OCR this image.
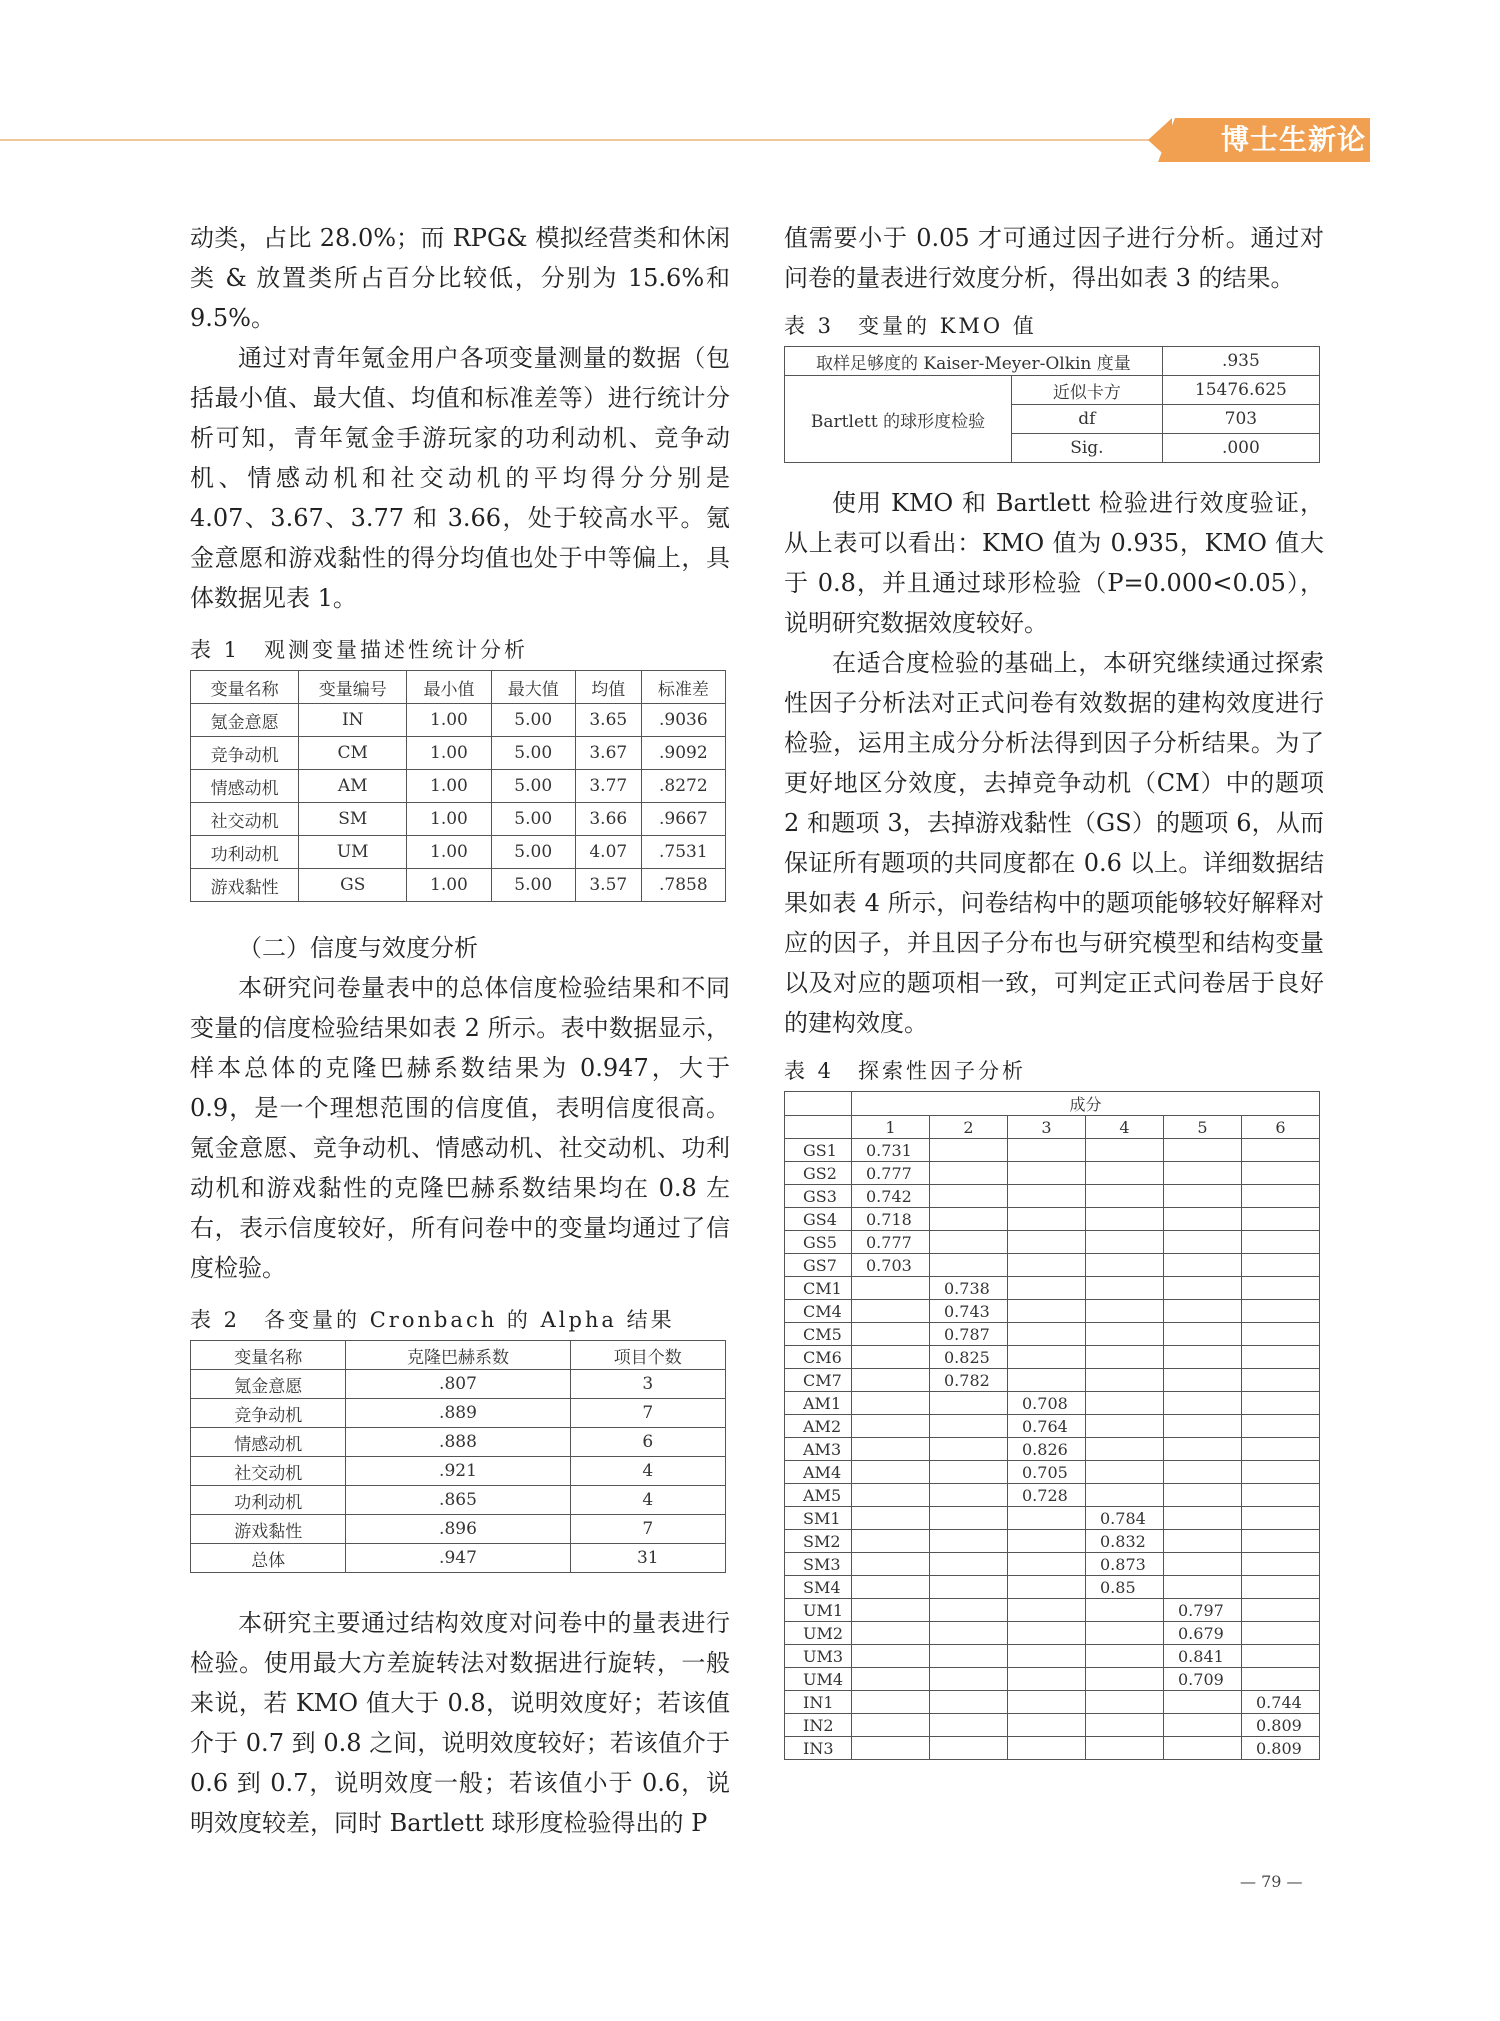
博士生新论

动类，占比 28.0%；而 RPG& 模拟经营类和休闲类 & 放置类所占百分比较低，分别为 15.6%和 9.5%。

通过对青年氪金用户各项变量测量的数据（包括最小值、最大值、均值和标准差等）进行统计分析可知，青年氪金手游玩家的功利动机、竞争动机、情感动机和社交动机的平均得分分别是 4.07、3.67、3.77 和 3.66，处于较高水平。氪金意愿和游戏黏性的得分均值也处于中等偏上，具体数据见表 1。

表 1　观测变量描述性统计分析

变量名称	变量编号	最小值	最大值	均值	标准差
氪金意愿	IN	1.00	5.00	3.65	.9036
竞争动机	CM	1.00	5.00	3.67	.9092
情感动机	AM	1.00	5.00	3.77	.8272
社交动机	SM	1.00	5.00	3.66	.9667
功利动机	UM	1.00	5.00	4.07	.7531
游戏黏性	GS	1.00	5.00	3.57	.7858

（二）信度与效度分析

本研究问卷量表中的总体信度检验结果和不同变量的信度检验结果如表 2 所示。表中数据显示，样本总体的克隆巴赫系数结果为 0.947，大于 0.9，是一个理想范围的信度值，表明信度很高。氪金意愿、竞争动机、情感动机、社交动机、功利动机和游戏黏性的克隆巴赫系数结果均在 0.8 左右，表示信度较好，所有问卷中的变量均通过了信度检验。

表 2　各变量的 Cronbach 的 Alpha 结果

变量名称	克隆巴赫系数	项目个数
氪金意愿	.807	3
竞争动机	.889	7
情感动机	.888	6
社交动机	.921	4
功利动机	.865	4
游戏黏性	.896	7
总体	.947	31

本研究主要通过结构效度对问卷中的量表进行检验。使用最大方差旋转法对数据进行旋转，一般来说，若 KMO 值大于 0.8，说明效度好；若该值介于 0.7 到 0.8 之间，说明效度较好；若该值介于 0.6 到 0.7，说明效度一般；若该值小于 0.6，说明效度较差，同时 Bartlett 球形度检验得出的 P

值需要小于 0.05 才可通过因子进行分析。通过对问卷的量表进行效度分析，得出如表 3 的结果。

表 3　变量的 KMO 值

取样足够度的 Kaiser-Meyer-Olkin 度量		.935
Bartlett 的球形度检验	近似卡方	15476.625
	df	703
	Sig.	.000

使用 KMO 和 Bartlett 检验进行效度验证，从上表可以看出：KMO 值为 0.935，KMO 值大于 0.8，并且通过球形检验（P=0.000<0.05），说明研究数据效度较好。

在适合度检验的基础上，本研究继续通过探索性因子分析法对正式问卷有效数据的建构效度进行检验，运用主成分分析法得到因子分析结果。为了更好地区分效度，去掉竞争动机（CM）中的题项 2 和题项 3，去掉游戏黏性（GS）的题项 6，从而保证所有题项的共同度都在 0.6 以上。详细数据结果如表 4 所示，问卷结构中的题项能够较好解释对应的因子，并且因子分布也与研究模型和结构变量以及对应的题项相一致，可判定正式问卷居于良好的建构效度。

表 4　探索性因子分析

	成分					
	1	2	3	4	5	6
GS1	0.731					
GS2	0.777					
GS3	0.742					
GS4	0.718					
GS5	0.777					
GS7	0.703					
CM1		0.738				
CM4		0.743				
CM5		0.787				
CM6		0.825				
CM7		0.782				
AM1			0.708			
AM2			0.764			
AM3			0.826			
AM4			0.705			
AM5			0.728			
SM1				0.784		
SM2				0.832		
SM3				0.873		
SM4				0.85		
UM1					0.797	
UM2					0.679	
UM3					0.841	
UM4					0.709	
IN1						0.744
IN2						0.809
IN3						0.809
— 79 —
